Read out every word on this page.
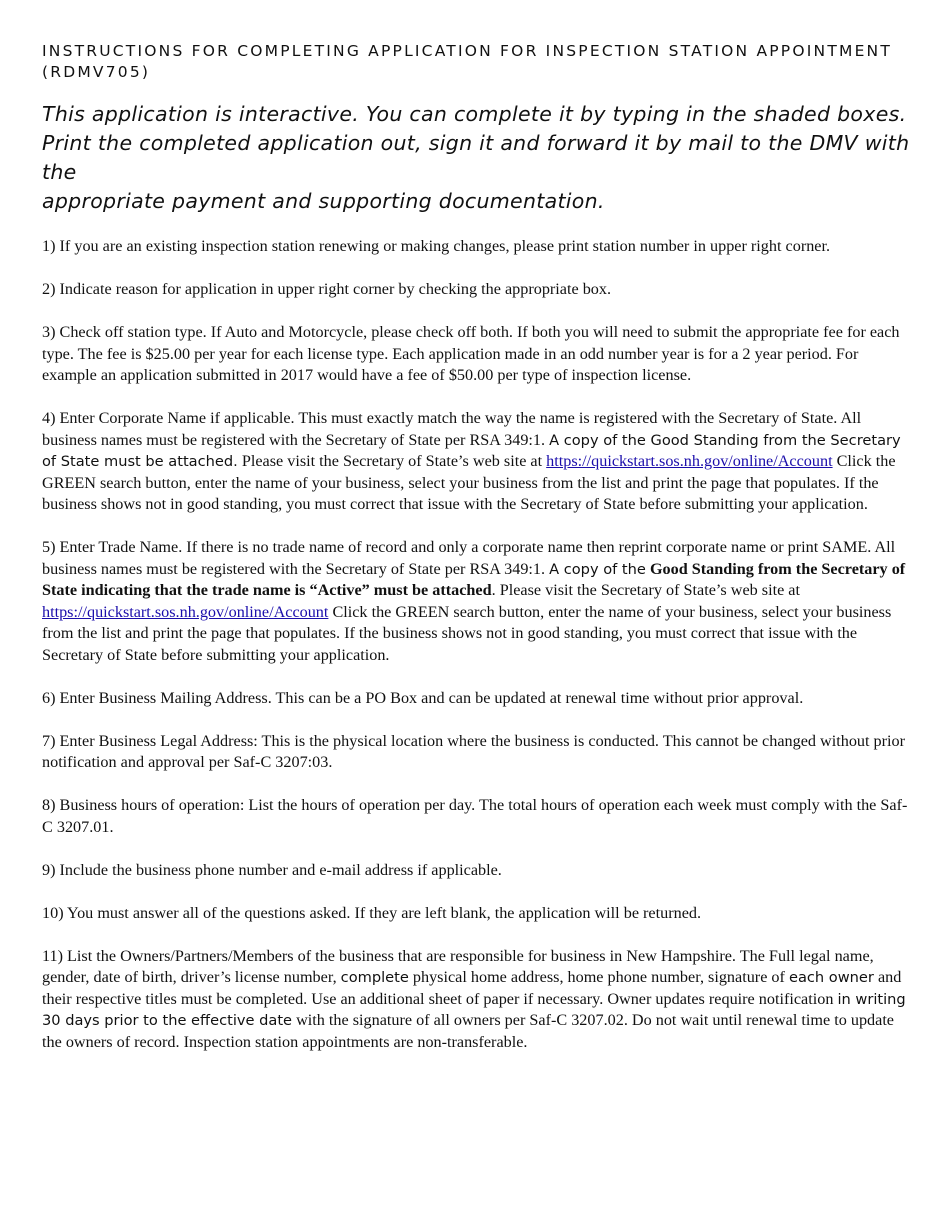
INSTRUCTIONS FOR COMPLETING APPLICATION FOR INSPECTION STATION APPOINTMENT
(RDMV705)

This application is interactive. You can complete it by typing in the shaded boxes.
Print the completed application out, sign it and forward it by mail to the DMV with the
appropriate payment and supporting documentation.

1) If you are an existing inspection station renewing or making changes, please print station number in upper right corner.

2) Indicate reason for application in upper right corner by checking the appropriate box.

3) Check off station type. If Auto and Motorcycle, please check off both. If both you will need to submit the appropriate fee for each type. The fee is $25.00 per year for each license type. Each application made in an odd number year is for a 2 year period. For example an application submitted in 2017 would have a fee of $50.00 per type of inspection license.

4) Enter Corporate Name if applicable. This must exactly match the way the name is registered with the Secretary of State. All business names must be registered with the Secretary of State per RSA 349:1. A copy of the Good Standing from the Secretary of State must be attached. Please visit the Secretary of State’s web site at https://quickstart.sos.nh.gov/online/Account Click the GREEN search button, enter the name of your business, select your business from the list and print the page that populates. If the business shows not in good standing, you must correct that issue with the Secretary of State before submitting your application.

5) Enter Trade Name. If there is no trade name of record and only a corporate name then reprint corporate name or print SAME. All business names must be registered with the Secretary of State per RSA 349:1. A copy of the Good Standing from the Secretary of State indicating that the trade name is “Active” must be attached. Please visit the Secretary of State’s web site at https://quickstart.sos.nh.gov/online/Account Click the GREEN search button, enter the name of your business, select your business from the list and print the page that populates. If the business shows not in good standing, you must correct that issue with the Secretary of State before submitting your application.

6) Enter Business Mailing Address. This can be a PO Box and can be updated at renewal time without prior approval.

7) Enter Business Legal Address: This is the physical location where the business is conducted. This cannot be changed without prior notification and approval per Saf-C 3207:03.

8) Business hours of operation: List the hours of operation per day. The total hours of operation each week must comply with the Saf-C 3207.01.

9) Include the business phone number and e-mail address if applicable.

10) You must answer all of the questions asked. If they are left blank, the application will be returned.

11) List the Owners/Partners/Members of the business that are responsible for business in New Hampshire. The Full legal name, gender, date of birth, driver’s license number, complete physical home address, home phone number, signature of each owner and their respective titles must be completed. Use an additional sheet of paper if necessary. Owner updates require notification in writing 30 days prior to the effective date with the signature of all owners per Saf-C 3207.02. Do not wait until renewal time to update the owners of record. Inspection station appointments are non-transferable.
